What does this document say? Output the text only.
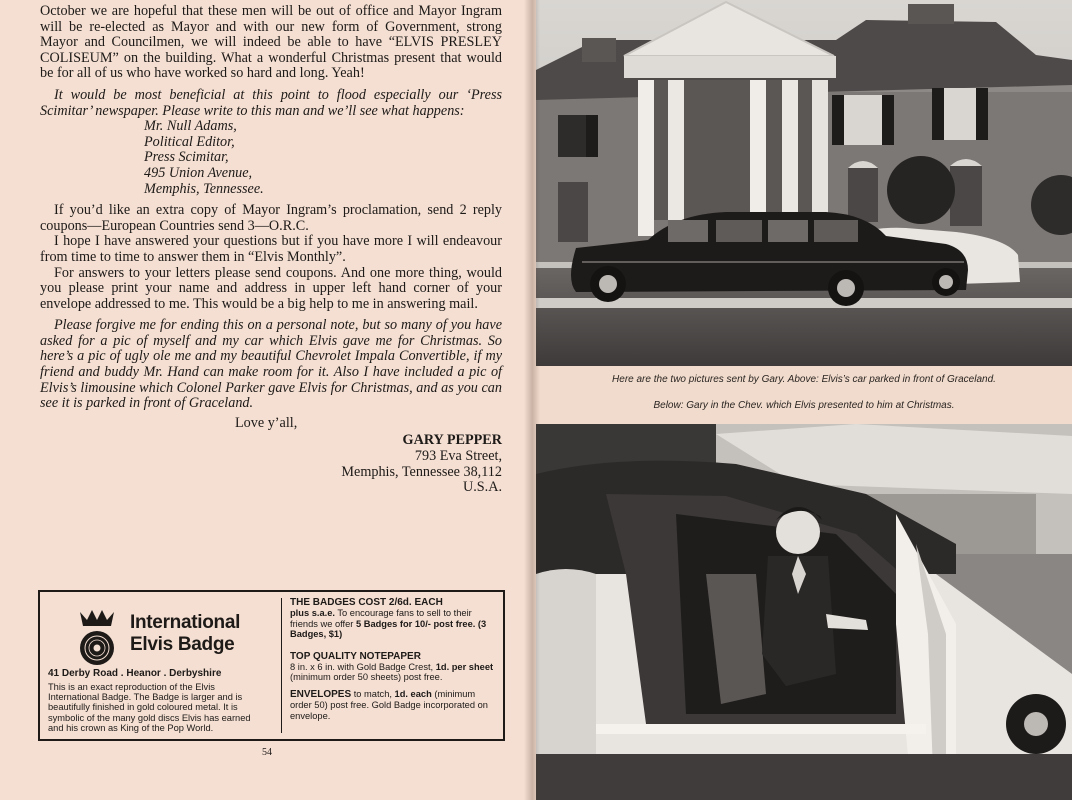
October we are hopeful that these men will be out of office and Mayor Ingram will be re-elected as Mayor and with our new form of Government, strong Mayor and Councilmen, we will indeed be able to have “ELVIS PRESLEY COLISEUM” on the building. What a wonderful Christmas present that would be for all of us who have worked so hard and long. Yeah!

It would be most beneficial at this point to flood especially our ‘Press Scimitar’ newspaper. Please write to this man and we’ll see what happens:

Mr. Null Adams,
Political Editor,
Press Scimitar,
495 Union Avenue,
Memphis, Tennessee.

If you’d like an extra copy of Mayor Ingram’s proclamation, send 2 reply coupons—European Countries send 3—O.R.C.

I hope I have answered your questions but if you have more I will endeavour from time to time to answer them in “Elvis Monthly”.

For answers to your letters please send coupons. And one more thing, would you please print your name and address in upper left hand corner of your envelope addressed to me. This would be a big help to me in answering mail.

Please forgive me for ending this on a personal note, but so many of you have asked for a pic of myself and my car which Elvis gave me for Christmas. So here’s a pic of ugly ole me and my beautiful Chevrolet Impala Convertible, if my friend and buddy Mr. Hand can make room for it. Also I have included a pic of Elvis’s limousine which Colonel Parker gave Elvis for Christmas, and as you can see it is parked in front of Graceland.

Love y’all,
GARY PEPPER
793 Eva Street,
Memphis, Tennessee 38,112
U.S.A.
International
Elvis Badge
41 Derby Road . Heanor . Derbyshire
This is an exact reproduction of the Elvis International Badge. The Badge is larger and is beautifully finished in gold coloured metal. It is symbolic of the many gold discs Elvis has earned and his crown as King of the Pop World.
THE BADGES COST 2/6d. EACH
plus s.a.e. To encourage fans to sell to their friends we offer 5 Badges for 10/- post free. (3 Badges, $1)
TOP QUALITY NOTEPAPER
8 in. x 6 in. with Gold Badge Crest, 1d. per sheet (minimum order 50 sheets) post free.
ENVELOPES to match, 1d. each (minimum order 50) post free. Gold Badge incorporated on envelope.
54
Here are the two pictures sent by Gary. Above: Elvis’s car parked in front of Graceland.
Below: Gary in the Chev. which Elvis presented to him at Christmas.
